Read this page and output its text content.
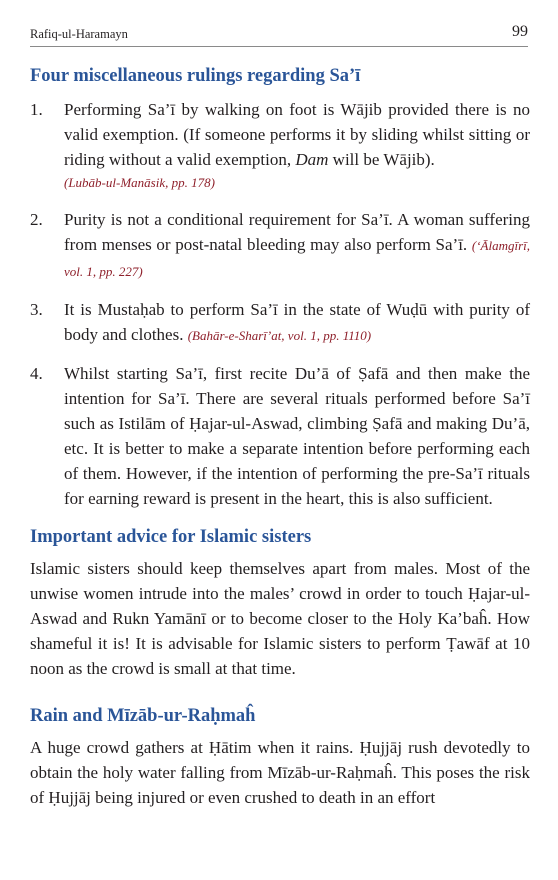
Rafiq-ul-Haramayn	99
Four miscellaneous rulings regarding Sa’ī
1. Performing Sa’ī by walking on foot is Wājib provided there is no valid exemption. (If someone performs it by sliding whilst sitting or riding without a valid exemption, Dam will be Wājib).
(Lubāb-ul-Manāsik, pp. 178)
2. Purity is not a conditional requirement for Sa’ī. A woman suffering from menses or post-natal bleeding may also perform Sa’ī. (‘Ālamgīrī, vol. 1, pp. 227)
3. It is Mustaḥab to perform Sa’ī in the state of Wuḍū with purity of body and clothes. (Bahār-e-Sharī’at, vol. 1, pp. 1110)
4. Whilst starting Sa’ī, first recite Du’ā of Ṣafā and then make the intention for Sa’ī. There are several rituals performed before Sa’ī such as Istilām of Ḥajar-ul-Aswad, climbing Ṣafā and making Du’ā, etc. It is better to make a separate intention before performing each of them. However, if the intention of performing the pre-Sa’ī rituals for earning reward is present in the heart, this is also sufficient.
Important advice for Islamic sisters
Islamic sisters should keep themselves apart from males. Most of the unwise women intrude into the males’ crowd in order to touch Ḥajar-ul-Aswad and Rukn Yamānī or to become closer to the Holy Ka’baĥ. How shameful it is! It is advisable for Islamic sisters to perform Ṭawāf at 10 noon as the crowd is small at that time.
Rain and Mīzāb-ur-Raḥmaĥ
A huge crowd gathers at Ḥātim when it rains. Ḥujjāj rush devotedly to obtain the holy water falling from Mīzāb-ur-Raḥmaĥ. This poses the risk of Ḥujjāj being injured or even crushed to death in an effort
